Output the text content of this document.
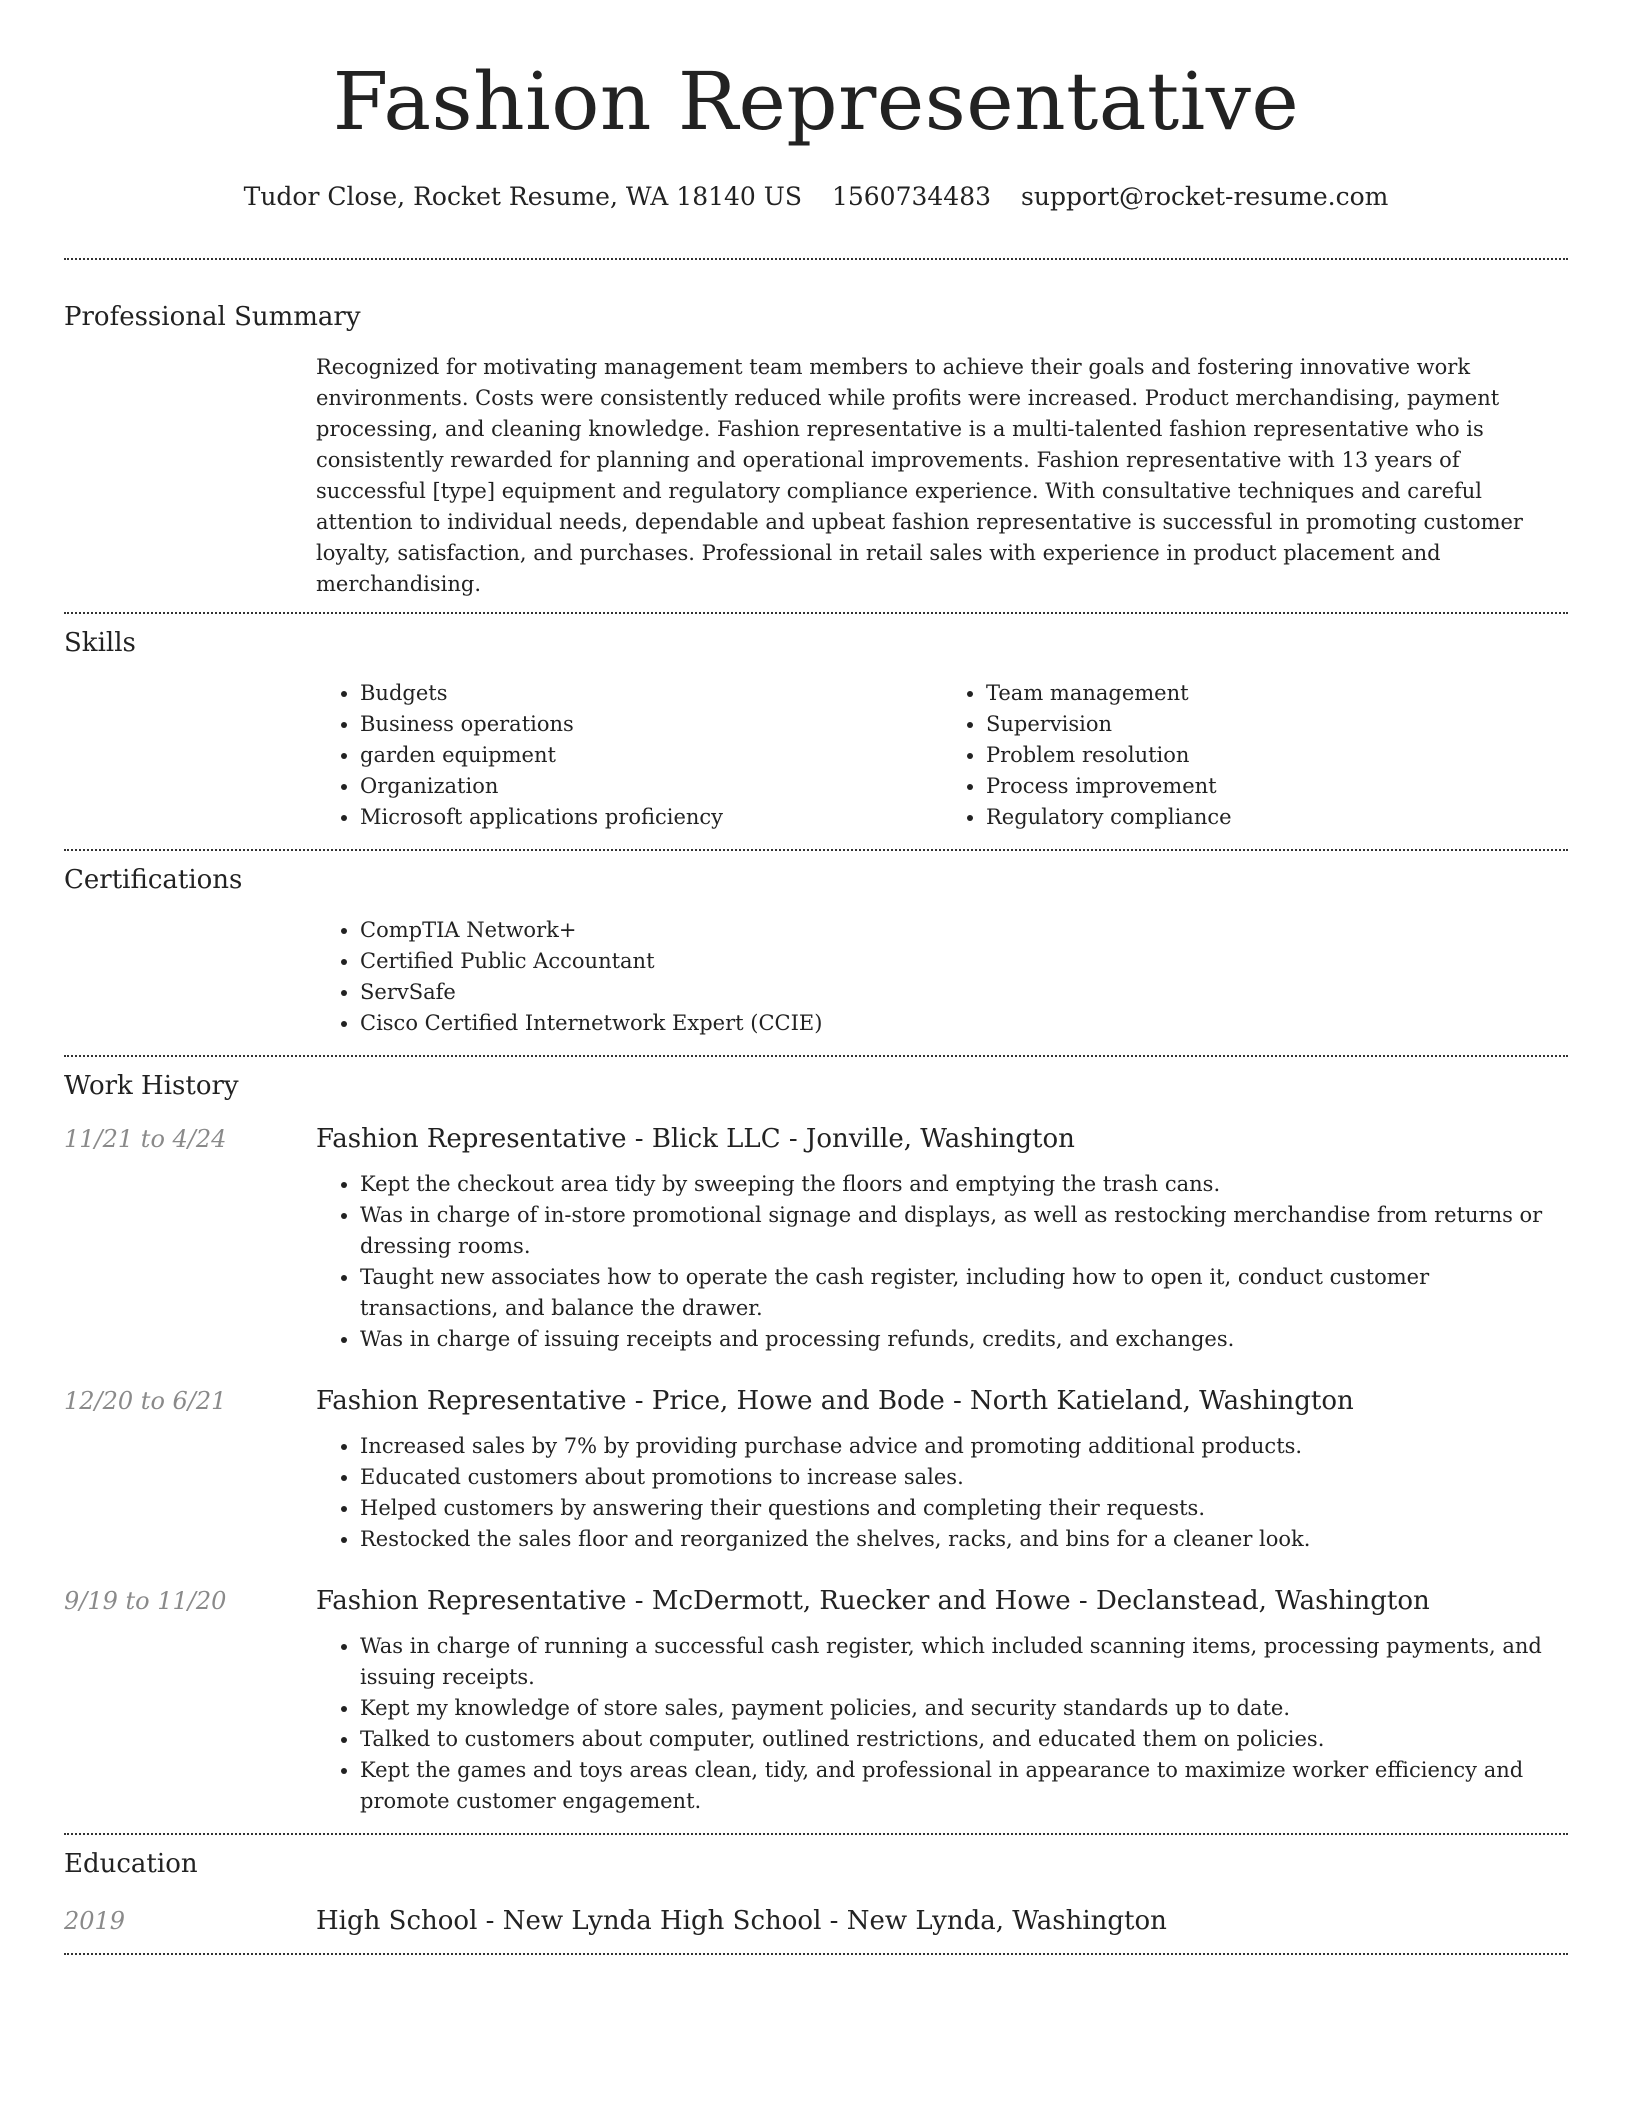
Fashion Representative
Tudor Close, Rocket Resume, WA 18140 US 1560734483 support@rocket-resume.com
Professional Summary

Recognized for motivating management team members to achieve their goals and fostering innovative work environments. Costs were consistently reduced while profits were increased. Product merchandising, payment processing, and cleaning knowledge. Fashion representative is a multi-talented fashion representative who is consistently rewarded for planning and operational improvements. Fashion representative with 13 years of successful [type] equipment and regulatory compliance experience. With consultative techniques and careful attention to individual needs, dependable and upbeat fashion representative is successful in promoting customer loyalty, satisfaction, and purchases. Professional in retail sales with experience in product placement and merchandising.

Skills
• Budgets
• Business operations
• garden equipment
• Organization
• Microsoft applications proficiency
• Team management
• Supervision
• Problem resolution
• Process improvement
• Regulatory compliance
Certifications
• CompTIA Network+
• Certified Public Accountant
• ServSafe
• Cisco Certified Internetwork Expert (CCIE)
Work History
11/21 to 4/24	Fashion Representative - Blick LLC - Jonville, Washington
• Kept the checkout area tidy by sweeping the floors and emptying the trash cans.
• Was in charge of in-store promotional signage and displays, as well as restocking merchandise from returns or dressing rooms.
• Taught new associates how to operate the cash register, including how to open it, conduct customer transactions, and balance the drawer.
• Was in charge of issuing receipts and processing refunds, credits, and exchanges.
12/20 to 6/21	Fashion Representative - Price, Howe and Bode - North Katieland, Washington
• Increased sales by 7% by providing purchase advice and promoting additional products.
• Educated customers about promotions to increase sales.
• Helped customers by answering their questions and completing their requests.
• Restocked the sales floor and reorganized the shelves, racks, and bins for a cleaner look.
9/19 to 11/20	Fashion Representative - McDermott, Ruecker and Howe - Declanstead, Washington
• Was in charge of running a successful cash register, which included scanning items, processing payments, and issuing receipts.
• Kept my knowledge of store sales, payment policies, and security standards up to date.
• Talked to customers about computer, outlined restrictions, and educated them on policies.
• Kept the games and toys areas clean, tidy, and professional in appearance to maximize worker efficiency and promote customer engagement.
Education
2019	High School - New Lynda High School - New Lynda, Washington
